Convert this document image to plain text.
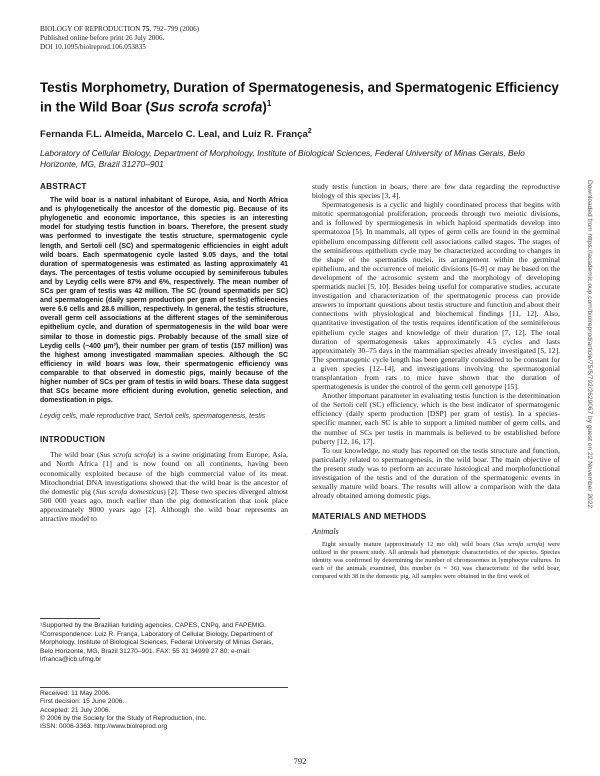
BIOLOGY OF REPRODUCTION 75, 792–799 (2006)
Published online before print 26 July 2006.
DOI 10.1095/biolreprod.106.053835
Testis Morphometry, Duration of Spermatogenesis, and Spermatogenic Efficiency in the Wild Boar (Sus scrofa scrofa)$^1$
Fernanda F.L. Almeida, Marcelo C. Leal, and Luiz R. França$^2$
Laboratory of Cellular Biology, Department of Morphology, Institute of Biological Sciences, Federal University of Minas Gerais, Belo Horizonte, MG, Brazil 31270–901
Downloaded from https://academic.oup.com/biolreprod/article/75/5/792/2629067 by guest on 22 November 2022
ABSTRACT

The wild boar is a natural inhabitant of Europe, Asia, and North Africa and is phylogenetically the ancestor of the domestic pig. Because of its phylogenetic and economic importance, this species is an interesting model for studying testis function in boars. Therefore, the present study was performed to investigate the testis structure, spermatogenic cycle length, and Sertoli cell (SC) and spermatogenic efficiencies in eight adult wild boars. Each spermatogenic cycle lasted 9.05 days, and the total duration of spermatogenesis was estimated as lasting approximately 41 days. The percentages of testis volume occupied by seminiferous tubules and by Leydig cells were 87% and 6%, respectively. The mean number of SCs per gram of testis was 42 million. The SC (round spermatids per SC) and spermatogenic (daily sperm production per gram of testis) efficiencies were 6.6 cells and 28.6 million, respectively. In general, the testis structure, overall germ cell associations at the different stages of the seminiferous epithelium cycle, and duration of spermatogenesis in the wild boar were similar to those in domestic pigs. Probably because of the small size of Leydig cells (~400 µm³), their number per gram of testis (157 million) was the highest among investigated mammalian species. Although the SC efficiency in wild boars was low, their spermatogenic efficiency was comparable to that observed in domestic pigs, mainly because of the higher number of SCs per gram of testis in wild boars. These data suggest that SCs became more efficient during evolution, genetic selection, and domestication in pigs.

Leydig cells, male reproductive tract, Sertoli cells, spermatogenesis, testis

INTRODUCTION

The wild boar (Sus scrofa scrofa) is a swine originating from Europe, Asia, and North Africa [1] and is now found on all continents, having been economically exploited because of the high commercial value of its meat. Mitochondrial DNA investigations showed that the wild boar is the ancestor of the domestic pig (Sus scrofa domesticus) [2]. These two species diverged almost 500 000 years ago, much earlier than the pig domestication that took place approximately 9000 years ago [2]. Although the wild boar represents an attractive model to

¹Supported by the Brazilian funding agencies, CAPES, CNPq, and FAPEMIG.

²Correspondence: Luiz R. França, Laboratory of Cellular Biology, Department of Morphology, Institute of Biological Sciences, Federal University of Minas Gerais, Belo Horizonte, MG, Brazil 31270–901. FAX: 55 31 34999 27 80; e-mail: lrfranca@icb.ufmg.br

Received: 11 May 2006.
First decision: 15 June 2006.
Accepted: 21 July 2006.
© 2006 by the Society for the Study of Reproduction, Inc.
ISSN: 0006-3363. http://www.biolreprod.org

study testis function in boars, there are few data regarding the reproductive biology of this species [3, 4].

Spermatogenesis is a cyclic and highly coordinated process that begins with mitotic spermatogonial proliferation, proceeds through two meiotic divisions, and is followed by spermiogenesis in which haploid spermatids develop into spermatozoa [5]. In mammals, all types of germ cells are found in the germinal epithelium encompassing different cell associations called stages. The stages of the seminiferous epithelium cycle may be characterized according to changes in the shape of the spermatids nuclei, its arrangement within the germinal epithelium, and the occurrence of meiotic divisions [6–9] or may be based on the development of the acrosomic system and the morphology of developing spermatids nuclei [5, 10]. Besides being useful for comparative studies, accurate investigation and characterization of the spermatogenic process can provide answers to important questions about testis structure and function and about their connections with physiological and biochemical findings [11, 12]. Also, quantitative investigation of the testis requires identification of the seminiferous epithelium cycle stages and knowledge of their duration [7, 12]. The total duration of spermatogenesis takes approximately 4.5 cycles and lasts approximately 30–75 days in the mammalian species already investigated [5, 12]. The spermatogenic cycle length has been generally considered to be constant for a given species [12–14], and investigations involving the spermatogonial transplantation from rats to mice have shown that the duration of spermatogenesis is under the control of the germ cell genotype [15].

Another important parameter in evaluating testis function is the determination of the Sertoli cell (SC) efficiency, which is the best indicator of spermatogenic efficiency (daily sperm production [DSP] per gram of testis). In a species-specific manner, each SC is able to support a limited number of germ cells, and the number of SCs per testis in mammals is believed to be established before puberty [12, 16, 17].

To our knowledge, no study has reported on the testis structure and function, particularly related to spermatogenesis, in the wild boar. The main objective of the present study was to perform an accurate histological and morphofunctional investigation of the testis and of the duration of the spermatogenic events in sexually mature wild boars. The results will allow a comparison with the data already obtained among domestic pigs.

MATERIALS AND METHODS
Animals

Eight sexually mature (approximately 12 mo old) wild boars (Sus scrofa scrofa) were utilized in the present study. All animals had phenotypic characteristics of the species. Species identity was confirmed by determining the number of chromosomes in lymphocyte cultures. In each of the animals examined, this number (n = 36) was characteristic of the wild boar, compared with 38 in the domestic pig. All samples were obtained in the first week of

792
